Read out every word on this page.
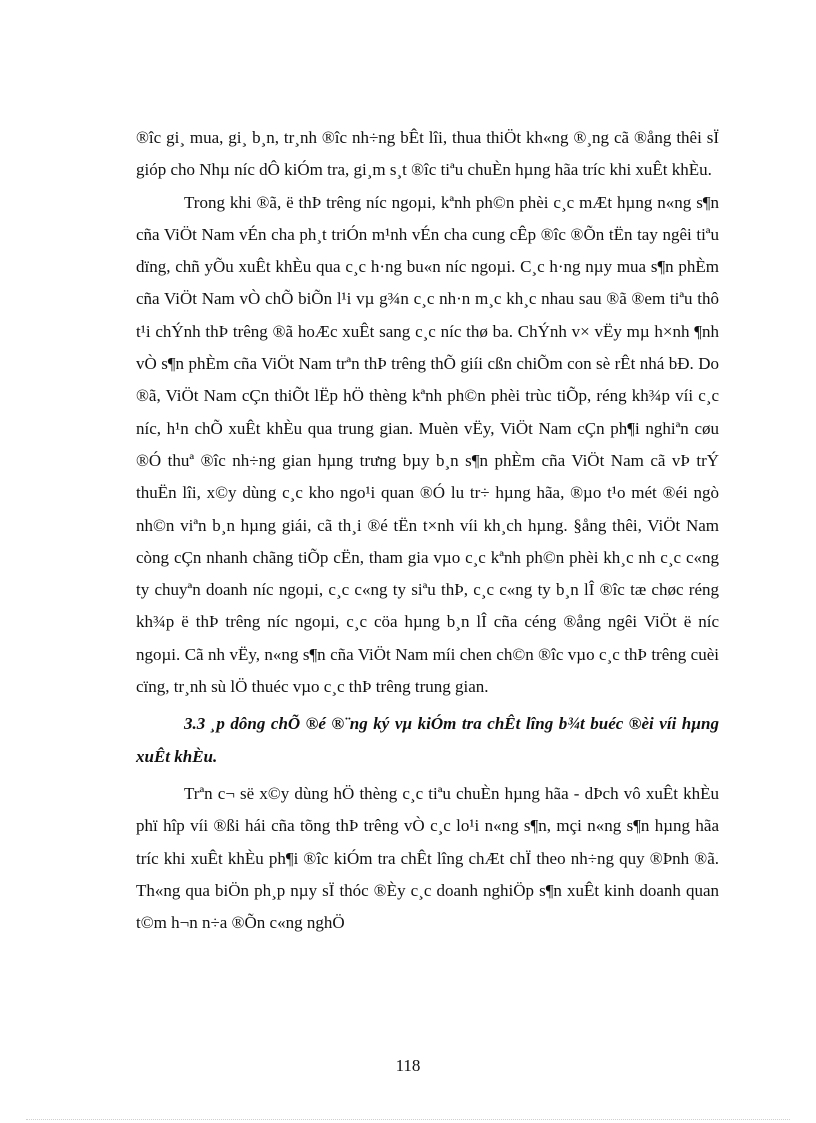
®îc gi¸ mua, gi¸ b¸n, tr¸nh ®îc nh÷ng bÊt lîi, thua thiÖt kh«ng ®¸ng cã ®ång thêi sÏ gióp cho Nhµ níc dÔ kiÓm tra, gi¸m s¸t ®îc tiªu chuÈn hµng hãa tríc khi xuÊt khÈu.

Trong khi ®ã, ë thÞ trêng níc ngoµi, kªnh ph©n phèi c¸c mÆt hµng n«ng s¶n cña ViÖt Nam vÉn cha ph¸t triÓn m¹nh vÉn cha cung cÊp ®îc ®Õn tËn tay ngêi tiªu dïng, chñ yÕu xuÊt khÈu qua c¸c h·ng bu«n níc ngoµi. C¸c h·ng nµy mua s¶n phÈm cña ViÖt Nam vÒ chÕ biÕn l¹i vµ g¾n c¸c nh·n m¸c kh¸c nhau sau ®ã ®em tiªu thô t¹i chÝnh thÞ trêng ®ã hoÆc xuÊt sang c¸c níc thø ba. ChÝnh v× vËy mµ h×nh ¶nh vÒ s¶n phÈm cña ViÖt Nam trªn thÞ trêng thÕ giíi cßn chiÕm con sè rÊt nhá bÐ. Do ®ã, ViÖt Nam cÇn thiÕt lËp hÖ thèng kªnh ph©n phèi trùc tiÕp, réng kh¾p víi c¸c níc, h¹n chÕ xuÊt khÈu qua trung gian. Muèn vËy, ViÖt Nam cÇn ph¶i nghiªn cøu ®Ó thuª ®îc nh÷ng gian hµng trưng bµy b¸n s¶n phÈm cña ViÖt Nam cã vÞ trÝ thuËn lîi, x©y dùng c¸c kho ngo¹i quan ®Ó lu tr÷ hµng hãa, ®µo t¹o mét ®éi ngò nh©n viªn b¸n hµng giái, cã th¸i ®é tËn t×nh víi kh¸ch hµng. §ång thêi, ViÖt Nam còng cÇn nhanh chãng tiÕp cËn, tham gia vµo c¸c kªnh ph©n phèi kh¸c nh c¸c c«ng ty chuyªn doanh níc ngoµi, c¸c c«ng ty siªu thÞ, c¸c c«ng ty b¸n lÎ ®îc tæ chøc réng kh¾p ë thÞ trêng níc ngoµi, c¸c cöa hµng b¸n lÎ cña céng ®ång ngêi ViÖt ë níc ngoµi. Cã nh vËy, n«ng s¶n cña ViÖt Nam míi chen ch©n ®îc vµo c¸c thÞ trêng cuèi cïng, tr¸nh sù lÖ thuéc vµo c¸c thÞ trêng trung gian.

3.3 ¸p dông chÕ ®é ®¨ng ký vµ kiÓm tra chÊt lîng b¾t buéc ®èi víi hµng xuÊt khÈu.

Trªn c¬ së x©y dùng hÖ thèng c¸c tiªu chuÈn hµng hãa - dÞch vô xuÊt khÈu phï hîp víi ®ßi hái cña tõng thÞ trêng vÒ c¸c lo¹i n«ng s¶n, mçi n«ng s¶n hµng hãa tríc khi xuÊt khÈu ph¶i ®îc kiÓm tra chÊt lîng chÆt chÏ theo nh÷ng quy ®Þnh ®ã. Th«ng qua biÖn ph¸p nµy sÏ thóc ®Èy c¸c doanh nghiÖp s¶n xuÊt kinh doanh quan t©m h¬n n÷a ®Õn c«ng nghÖ

118
